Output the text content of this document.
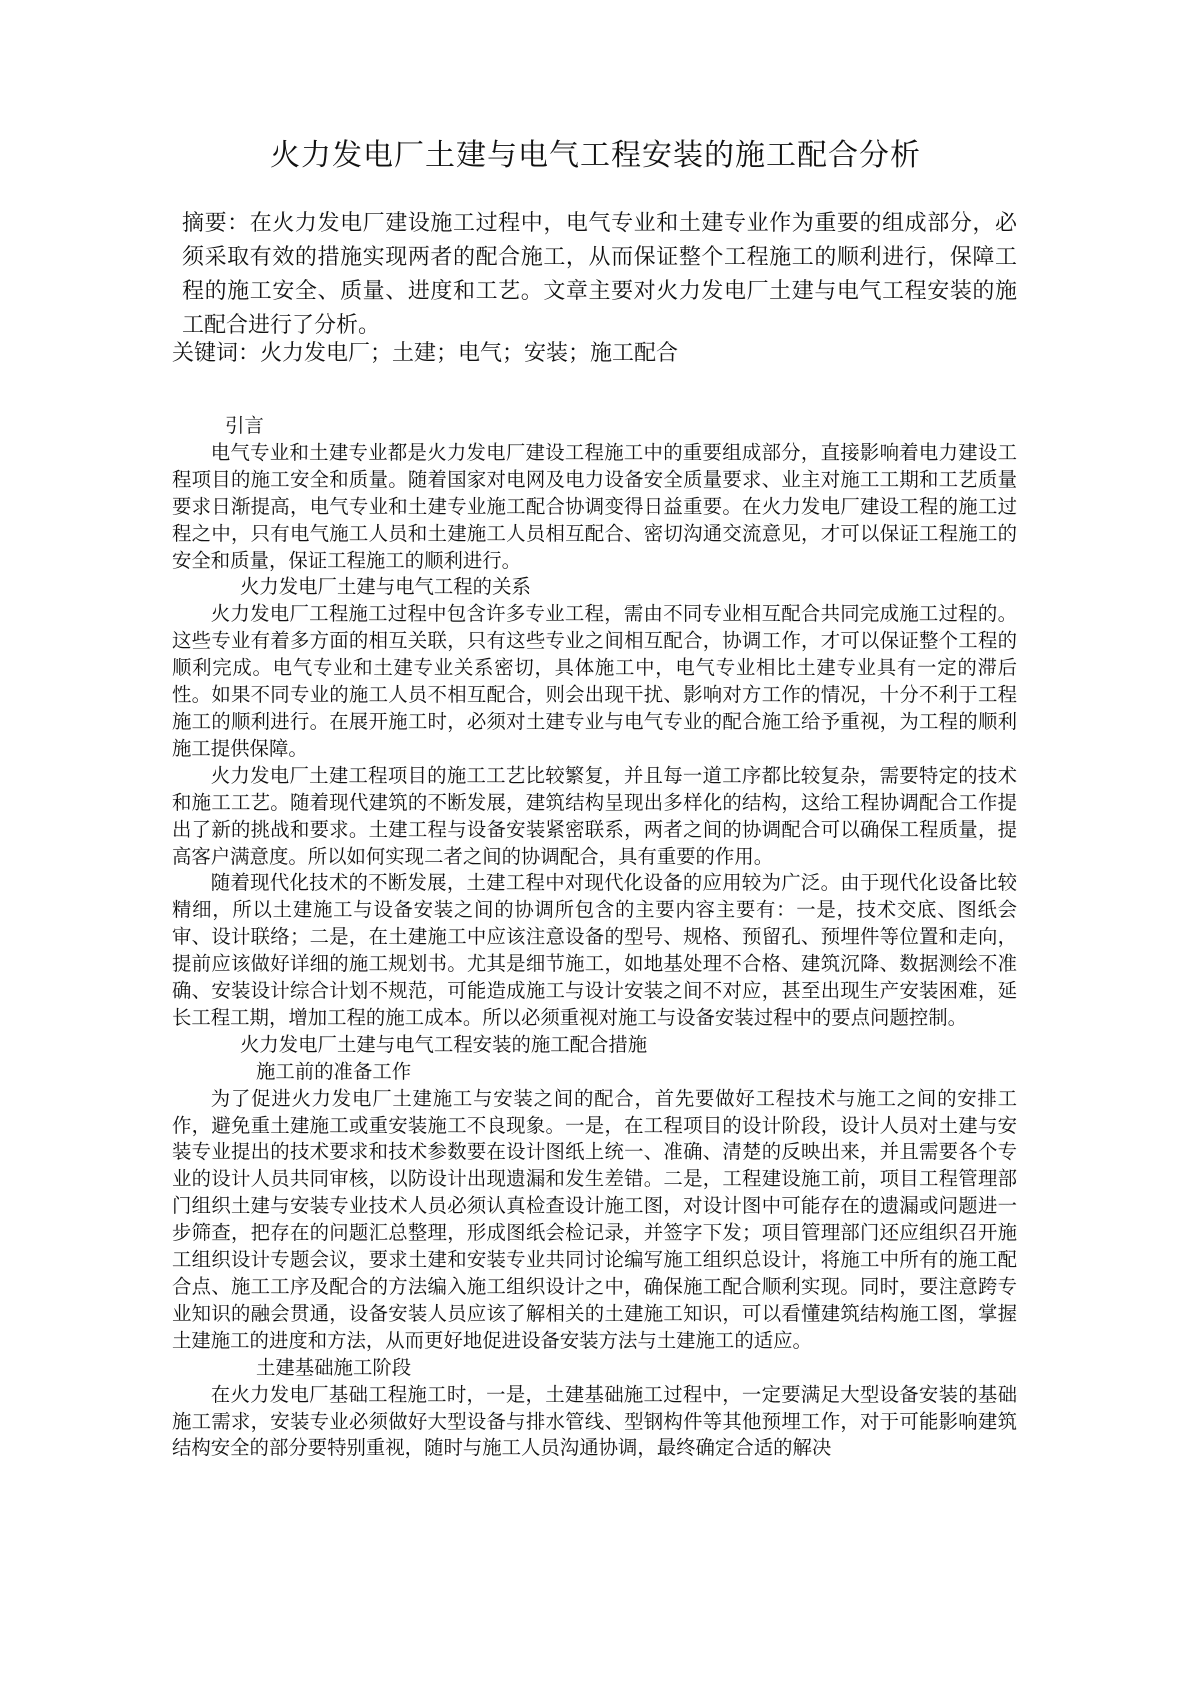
火力发电厂土建与电气工程安装的施工配合分析
摘要：在火力发电厂建设施工过程中，电气专业和土建专业作为重要的组成部分，必须采取有效的措施实现两者的配合施工，从而保证整个工程施工的顺利进行，保障工程的施工安全、质量、进度和工艺。文章主要对火力发电厂土建与电气工程安装的施工配合进行了分析。
关键词：火力发电厂；土建；电气；安装；施工配合
引言

电气专业和土建专业都是火力发电厂建设工程施工中的重要组成部分，直接影响着电力建设工程项目的施工安全和质量。随着国家对电网及电力设备安全质量要求、业主对施工工期和工艺质量要求日渐提高，电气专业和土建专业施工配合协调变得日益重要。在火力发电厂建设工程的施工过程之中，只有电气施工人员和土建施工人员相互配合、密切沟通交流意见，才可以保证工程施工的安全和质量，保证工程施工的顺利进行。

火力发电厂土建与电气工程的关系

火力发电厂工程施工过程中包含许多专业工程，需由不同专业相互配合共同完成施工过程的。这些专业有着多方面的相互关联，只有这些专业之间相互配合，协调工作，才可以保证整个工程的顺利完成。电气专业和土建专业关系密切，具体施工中，电气专业相比土建专业具有一定的滞后性。如果不同专业的施工人员不相互配合，则会出现干扰、影响对方工作的情况，十分不利于工程施工的顺利进行。在展开施工时，必须对土建专业与电气专业的配合施工给予重视，为工程的顺利施工提供保障。

火力发电厂土建工程项目的施工工艺比较繁复，并且每一道工序都比较复杂，需要特定的技术和施工工艺。随着现代建筑的不断发展，建筑结构呈现出多样化的结构，这给工程协调配合工作提出了新的挑战和要求。土建工程与设备安装紧密联系，两者之间的协调配合可以确保工程质量，提高客户满意度。所以如何实现二者之间的协调配合，具有重要的作用。

随着现代化技术的不断发展，土建工程中对现代化设备的应用较为广泛。由于现代化设备比较精细，所以土建施工与设备安装之间的协调所包含的主要内容主要有：一是，技术交底、图纸会审、设计联络；二是，在土建施工中应该注意设备的型号、规格、预留孔、预埋件等位置和走向，提前应该做好详细的施工规划书。尤其是细节施工，如地基处理不合格、建筑沉降、数据测绘不准确、安装设计综合计划不规范，可能造成施工与设计安装之间不对应，甚至出现生产安装困难，延长工程工期，增加工程的施工成本。所以必须重视对施工与设备安装过程中的要点问题控制。

火力发电厂土建与电气工程安装的施工配合措施
施工前的准备工作

为了促进火力发电厂土建施工与安装之间的配合，首先要做好工程技术与施工之间的安排工作，避免重土建施工或重安装施工不良现象。一是，在工程项目的设计阶段，设计人员对土建与安装专业提出的技术要求和技术参数要在设计图纸上统一、准确、清楚的反映出来，并且需要各个专业的设计人员共同审核，以防设计出现遗漏和发生差错。二是，工程建设施工前，项目工程管理部门组织土建与安装专业技术人员必须认真检查设计施工图，对设计图中可能存在的遗漏或问题进一步筛查，把存在的问题汇总整理，形成图纸会检记录，并签字下发；项目管理部门还应组织召开施工组织设计专题会议，要求土建和安装专业共同讨论编写施工组织总设计，将施工中所有的施工配合点、施工工序及配合的方法编入施工组织设计之中，确保施工配合顺利实现。同时，要注意跨专业知识的融会贯通，设备安装人员应该了解相关的土建施工知识，可以看懂建筑结构施工图，掌握土建施工的进度和方法，从而更好地促进设备安装方法与土建施工的适应。

土建基础施工阶段

在火力发电厂基础工程施工时，一是，土建基础施工过程中，一定要满足大型设备安装的基础施工需求，安装专业必须做好大型设备与排水管线、型钢构件等其他预埋工作，对于可能影响建筑结构安全的部分要特别重视，随时与施工人员沟通协调，最终确定合适的解决
